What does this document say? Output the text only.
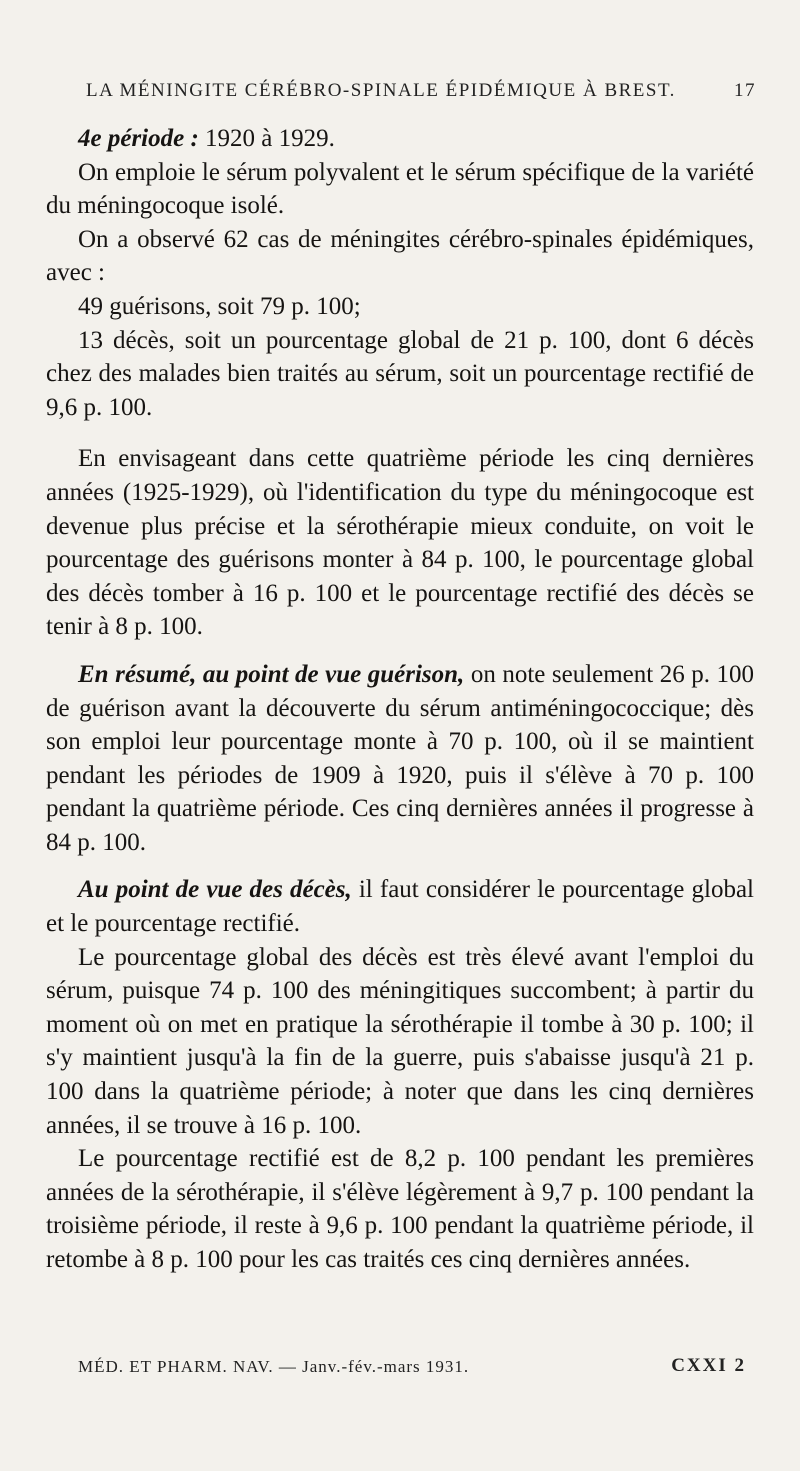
LA MÉNINGITE CÉRÉBRO-SPINALE ÉPIDÉMIQUE À BREST.	17

4e période : 1920 à 1929.

On emploie le sérum polyvalent et le sérum spécifique de la variété du méningocoque isolé.

On a observé 62 cas de méningites cérébro-spinales épidémiques, avec :

49 guérisons, soit 79 p. 100;

13 décès, soit un pourcentage global de 21 p. 100, dont 6 décès chez des malades bien traités au sérum, soit un pourcentage rectifié de 9,6 p. 100.

En envisageant dans cette quatrième période les cinq dernières années (1925-1929), où l'identification du type du méningocoque est devenue plus précise et la sérothérapie mieux conduite, on voit le pourcentage des guérisons monter à 84 p. 100, le pourcentage global des décès tomber à 16 p. 100 et le pourcentage rectifié des décès se tenir à 8 p. 100.

En résumé, au point de vue guérison, on note seulement 26 p. 100 de guérison avant la découverte du sérum antiméningococcique; dès son emploi leur pourcentage monte à 70 p. 100, où il se maintient pendant les périodes de 1909 à 1920, puis il s'élève à 70 p. 100 pendant la quatrième période. Ces cinq dernières années il progresse à 84 p. 100.

Au point de vue des décès, il faut considérer le pourcentage global et le pourcentage rectifié.

Le pourcentage global des décès est très élevé avant l'emploi du sérum, puisque 74 p. 100 des méningitiques succombent; à partir du moment où on met en pratique la sérothérapie il tombe à 30 p. 100; il s'y maintient jusqu'à la fin de la guerre, puis s'abaisse jusqu'à 21 p. 100 dans la quatrième période; à noter que dans les cinq dernières années, il se trouve à 16 p. 100.

Le pourcentage rectifié est de 8,2 p. 100 pendant les premières années de la sérothérapie, il s'élève légèrement à 9,7 p. 100 pendant la troisième période, il reste à 9,6 p. 100 pendant la quatrième période, il retombe à 8 p. 100 pour les cas traités ces cinq dernières années.

MÉD. ET PHARM. NAV. — Janv.-fév.-mars 1931.	CXXI 2
